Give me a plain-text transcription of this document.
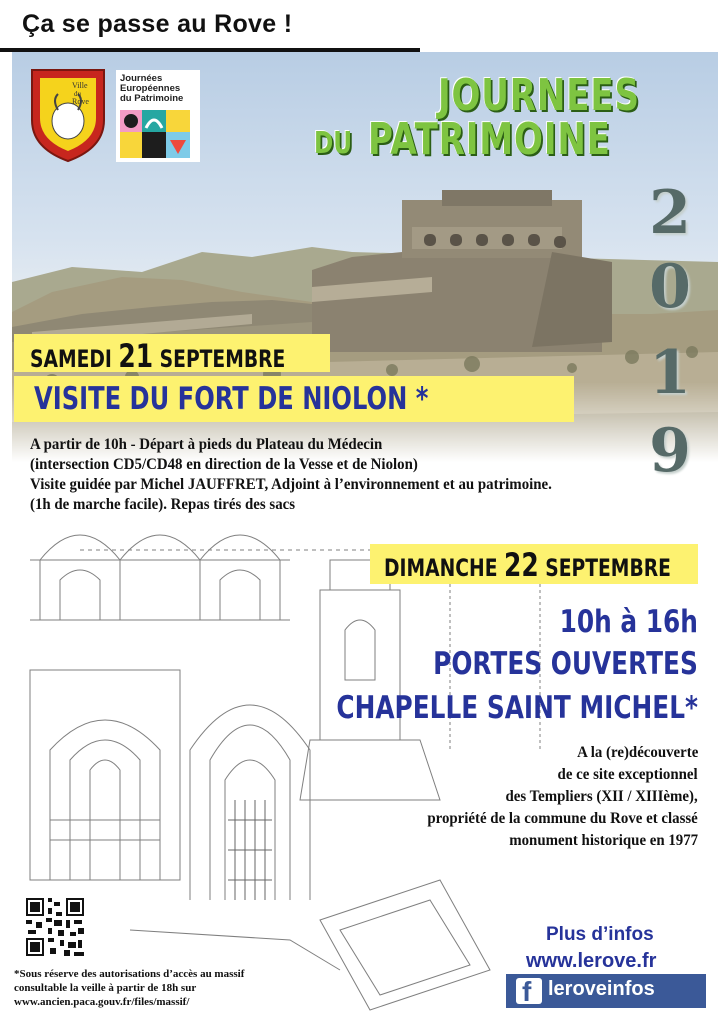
Ça se passe au Rove !
Ville
du
Rove
Journées
Européennes
du Patrimoine	JOURNEES
DU PATRIMOINE
2
0
1
9
SAMEDI 21 SEPTEMBRE
VISITE DU FORT DE NIOLON *
A partir de 10h - Départ à pieds du Plateau du Médecin
(intersection CD5/CD48 en direction de la Vesse et de Niolon)
Visite guidée par Michel JAUFFRET, Adjoint à l’environnement et au patrimoine.
(1h de marche facile). Repas tirés des sacs
DIMANCHE 22 SEPTEMBRE
10h à 16h
PORTES OUVERTES
CHAPELLE SAINT MICHEL*
A la (re)découverte
de ce site exceptionnel
des Templiers (XII / XIIIème),
propriété de la commune du Rove et classé
monument historique en 1977
*Sous réserve des autorisations d’accès au massif
consultable la veille à partir de 18h sur
www.ancien.paca.gouv.fr/files/massif/
Plus d’infos
www.lerove.fr
f leroveinfos
